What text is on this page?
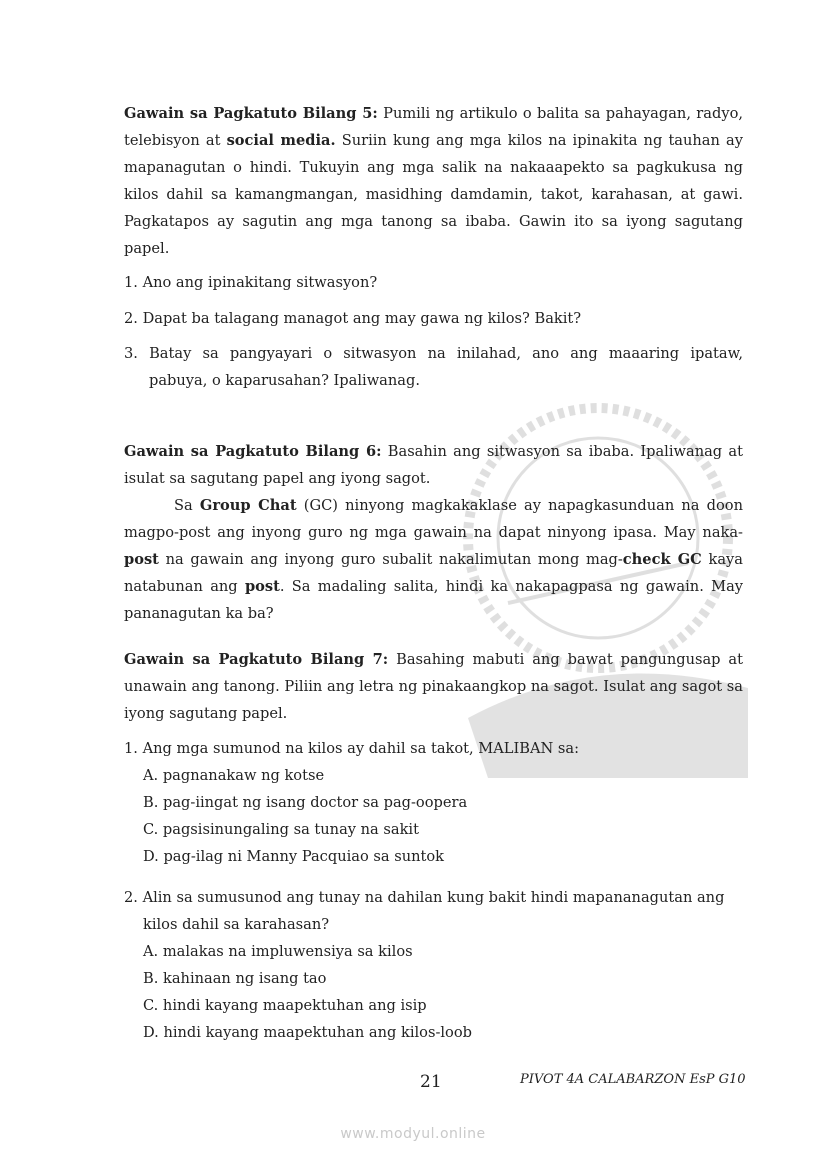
Gawain sa Pagkatuto Bilang 5: Pumili ng artikulo o balita sa pahayagan, radyo, telebisyon at social media. Suriin kung ang mga kilos na ipinakita ng tauhan ay mapanagutan o hindi. Tukuyin ang mga salik na nakaaapekto sa pagkukusa ng kilos dahil sa kamangmangan, masidhing damdamin, takot, karahasan, at gawi. Pagkatapos ay sagutin ang mga tanong sa ibaba. Gawin ito sa iyong sagutang papel.

1. Ano ang ipinakitang sitwasyon?
2. Dapat ba talagang managot ang may gawa ng kilos? Bakit?
3. Batay sa pangyayari o sitwasyon na inilahad, ano ang maaaring ipataw,
pabuya, o kaparusahan? Ipaliwanag.

Gawain sa Pagkatuto Bilang 6: Basahin ang sitwasyon sa ibaba. Ipaliwanag at isulat sa sagutang papel ang iyong sagot.

Sa Group Chat (GC) ninyong magkakaklase ay napagkasunduan na doon magpo-post ang inyong guro ng mga gawain na dapat ninyong ipasa. May naka-post na gawain ang inyong guro subalit nakalimutan mong mag-check GC kaya natabunan ang post. Sa madaling salita, hindi ka nakapagpasa ng gawain. May pananagutan ka ba?

Gawain sa Pagkatuto Bilang 7: Basahing mabuti ang bawat pangungusap at unawain ang tanong. Piliin ang letra ng pinakaangkop na sagot. Isulat ang sagot sa iyong sagutang papel.

1. Ang mga sumunod na kilos ay dahil sa takot, MALIBAN sa:
A. pagnanakaw ng kotse
B. pag-iingat ng isang doctor sa pag-oopera
C. pagsisinungaling sa tunay na sakit
D. pag-ilag ni Manny Pacquiao sa suntok
2. Alin sa sumusunod ang tunay na dahilan kung bakit hindi mapananagutan ang
kilos dahil sa karahasan?
A. malakas na impluwensiya sa kilos
B. kahinaan ng isang tao
C. hindi kayang maapektuhan ang isip
D. hindi kayang maapektuhan ang kilos-loob
21	PIVOT 4A CALABARZON EsP G10
www.modyul.online
